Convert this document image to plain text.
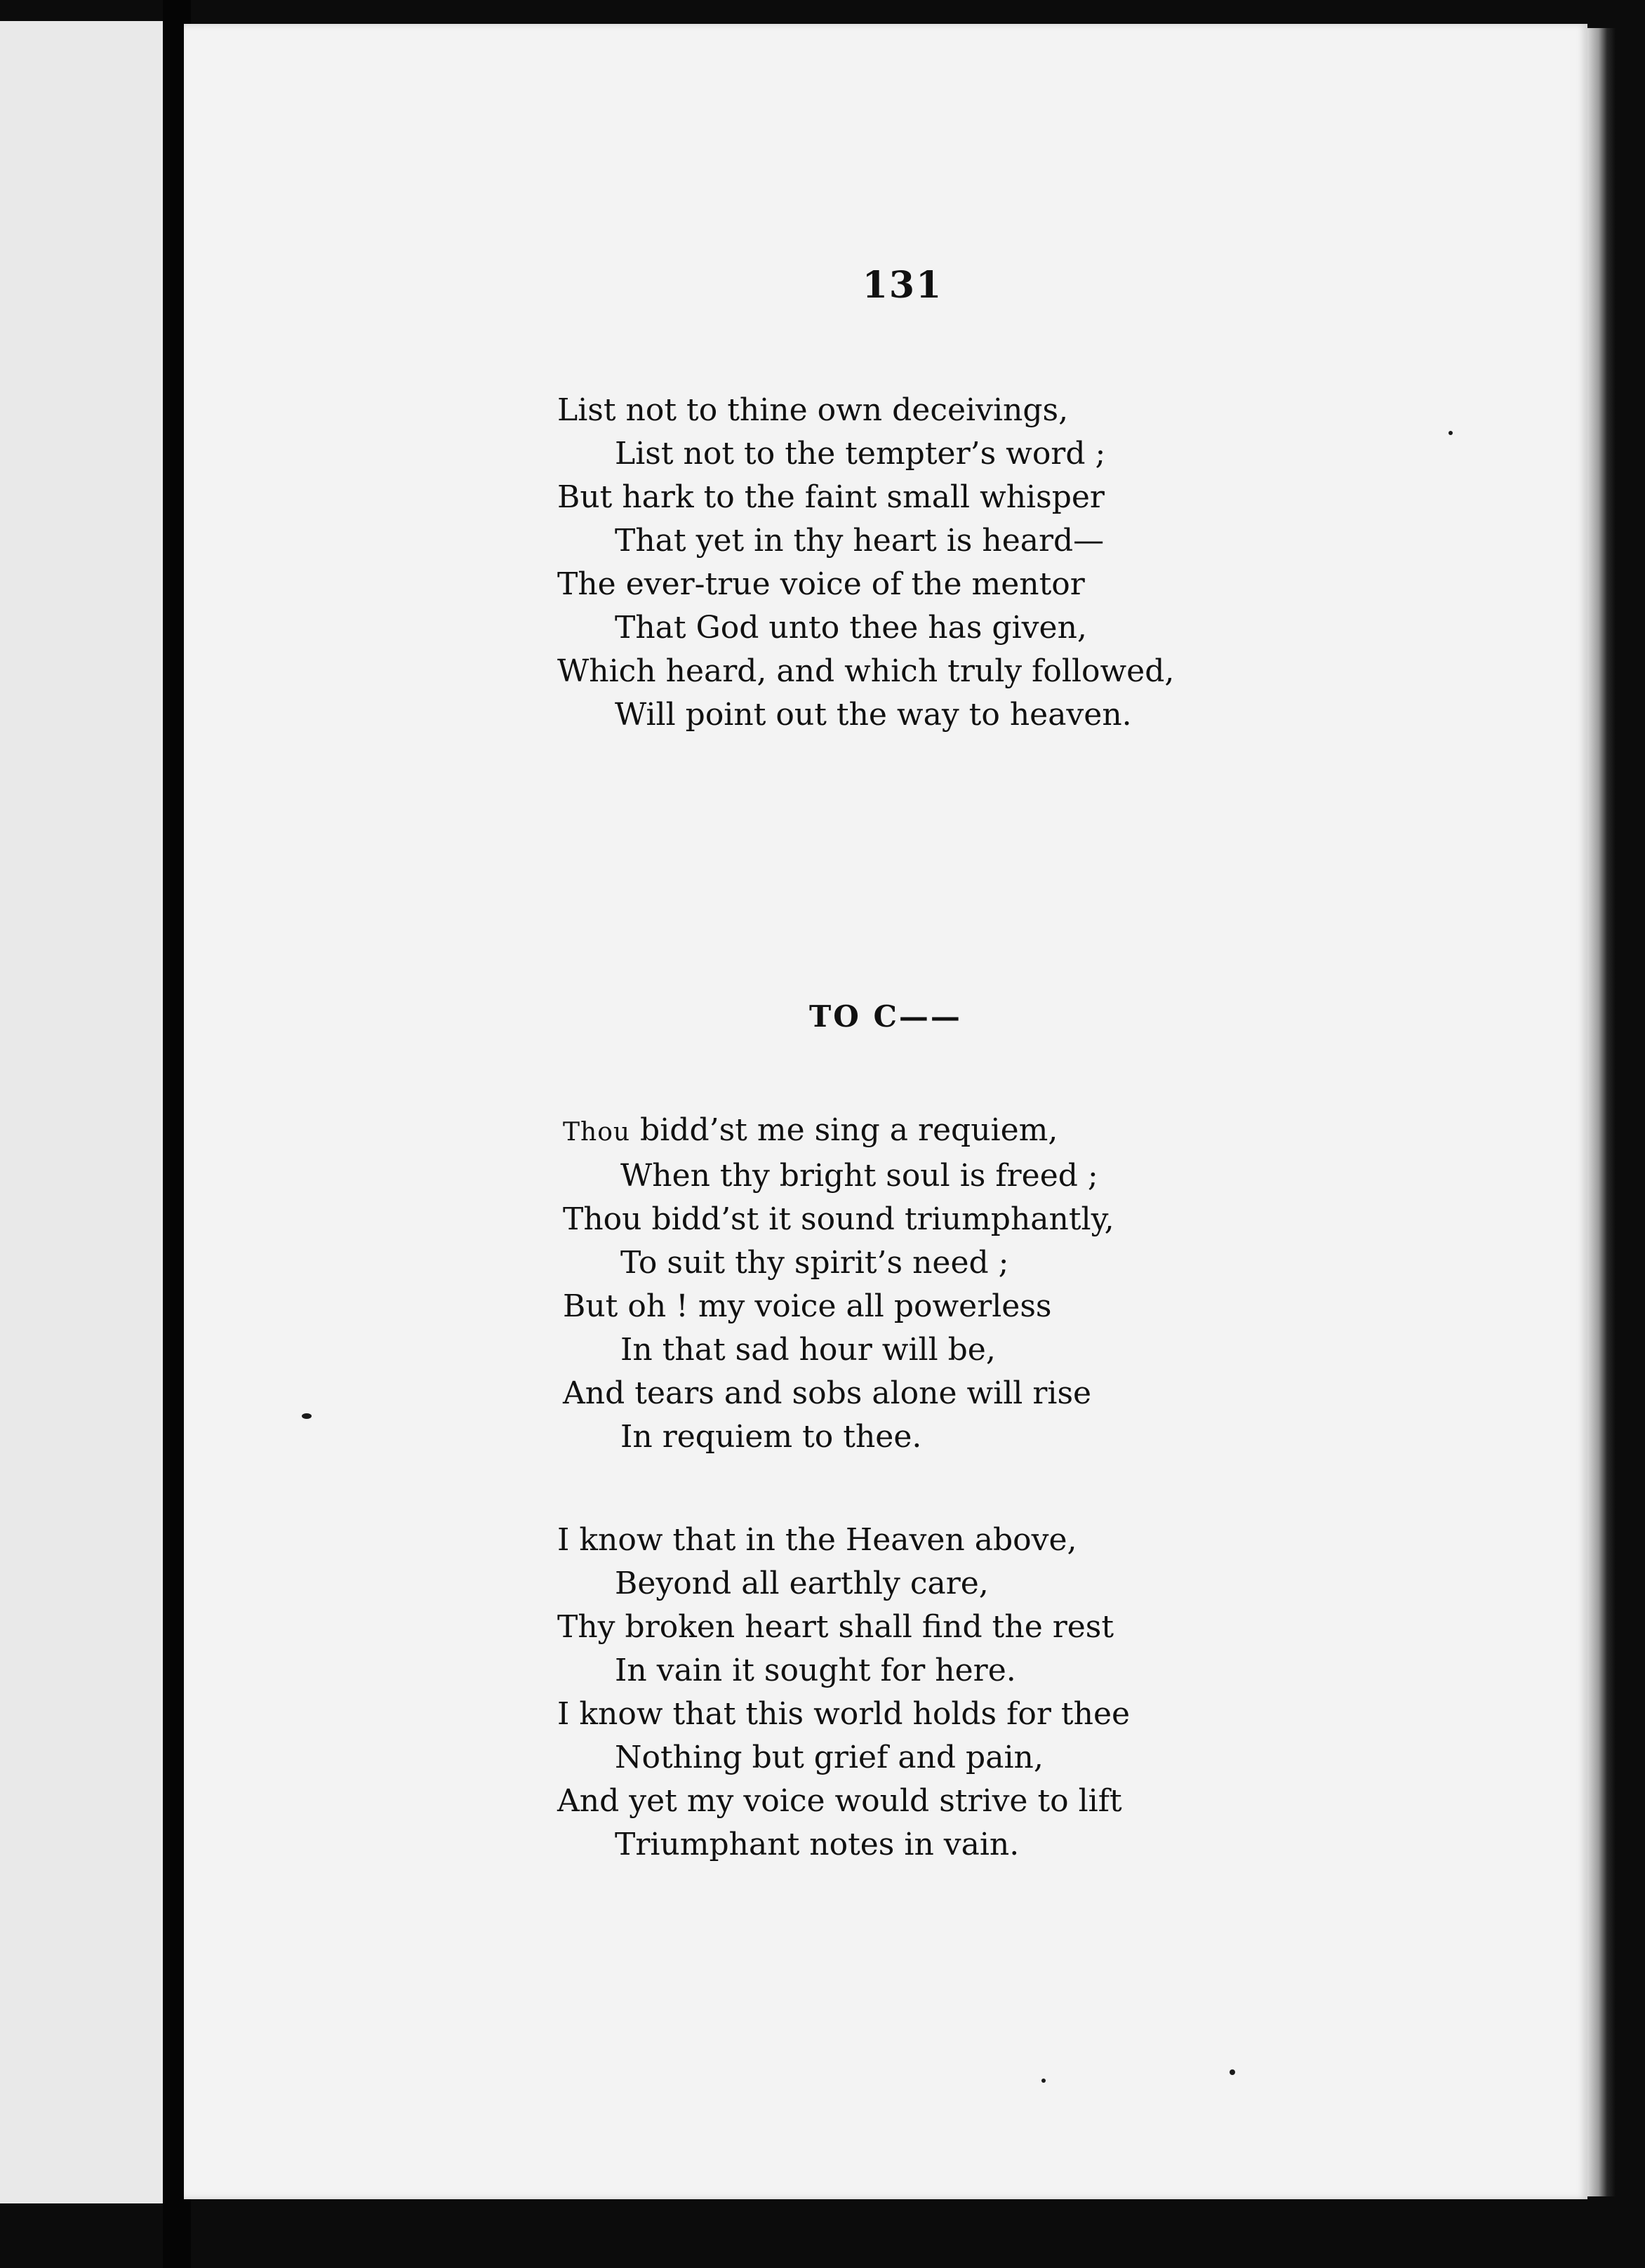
131
List not to thine own deceivings,
List not to the tempter’s word ;
But hark to the faint small whisper
That yet in thy heart is heard—
The ever-true voice of the mentor
That God unto thee has given,
Which heard, and which truly followed,
Will point out the way to heaven.
TO C——
Thou bidd’st me sing a requiem,
When thy bright soul is freed ;
Thou bidd’st it sound triumphantly,
To suit thy spirit’s need ;
But oh ! my voice all powerless
In that sad hour will be,
And tears and sobs alone will rise
In requiem to thee.
I know that in the Heaven above,
Beyond all earthly care,
Thy broken heart shall find the rest
In vain it sought for here.
I know that this world holds for thee
Nothing but grief and pain,
And yet my voice would strive to lift
Triumphant notes in vain.
